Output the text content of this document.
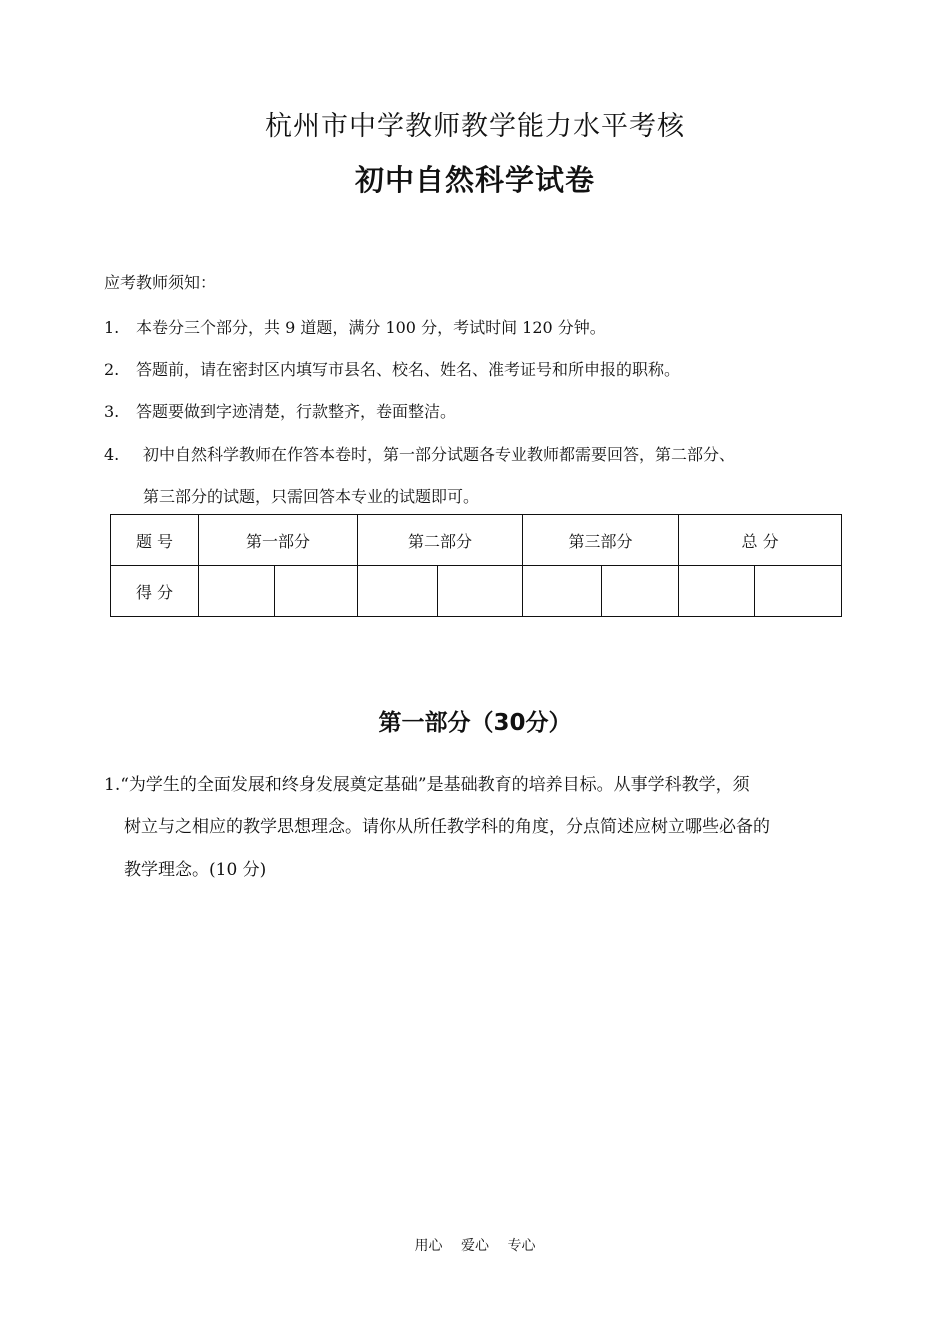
杭州市中学教师教学能力水平考核
初中自然科学试卷
应考教师须知：
1. 本卷分三个部分，共 9 道题，满分 100 分，考试时间 120 分钟。
2. 答题前，请在密封区内填写市县名、校名、姓名、准考证号和所申报的职称。
3. 答题要做到字迹清楚，行款整齐，卷面整洁。
4. 初中自然科学教师在作答本卷时，第一部分试题各专业教师都需要回答，第二部分、
第三部分的试题，只需回答本专业的试题即可。
题 号	第一部分		第二部分		第三部分		总 分	
得 分								
第一部分（30分）
1.“为学生的全面发展和终身发展奠定基础”是基础教育的培养目标。从事学科教学，须
树立与之相应的教学思想理念。请你从所任教学科的角度，分点简述应树立哪些必备的
教学理念。(10 分)
用心 爱心 专心
